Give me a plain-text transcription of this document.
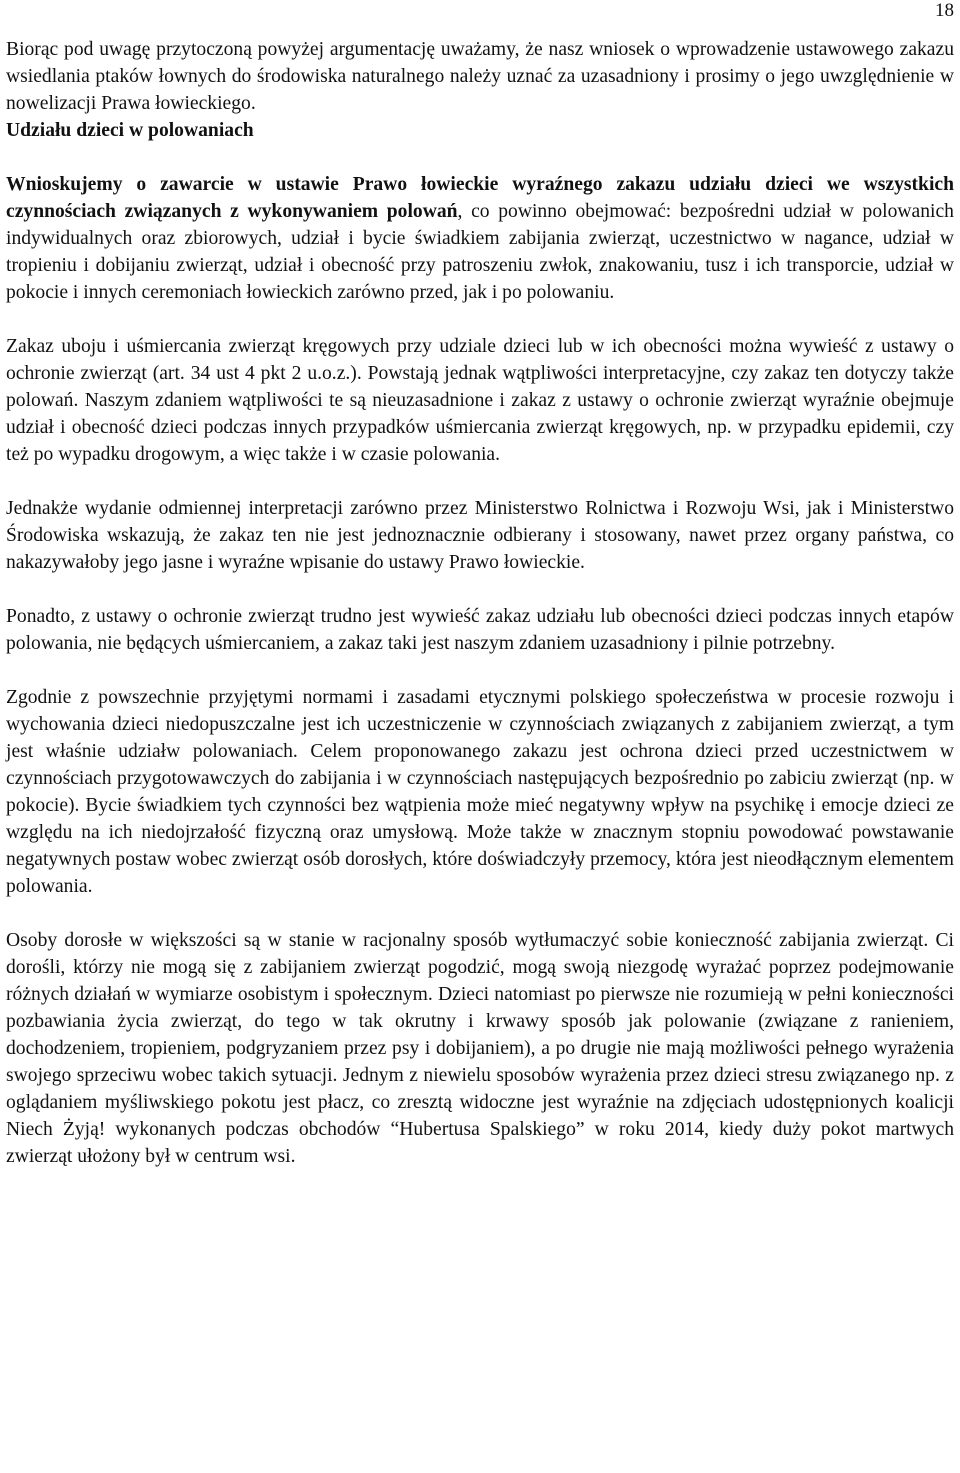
18

Biorąc pod uwagę przytoczoną powyżej argumentację uważamy, że nasz wniosek o wprowadzenie ustawowego zakazu wsiedlania ptaków łownych do środowiska naturalnego należy uznać za uzasadniony i prosimy o jego uwzględnienie w nowelizacji Prawa łowieckiego.

Udziału dzieci w polowaniach

Wnioskujemy o zawarcie w ustawie Prawo łowieckie wyraźnego zakazu udziału dzieci we wszystkich czynnościach związanych z wykonywaniem polowań, co powinno obejmować: bezpośredni udział w polowanich indywidualnych oraz zbiorowych, udział i bycie świadkiem zabijania zwierząt, uczestnictwo w nagance, udział w tropieniu i dobijaniu zwierząt, udział i obecność przy patroszeniu zwłok, znakowaniu, tusz i ich transporcie, udział w pokocie i innych ceremoniach łowieckich zarówno przed, jak i po polowaniu.

Zakaz uboju i uśmiercania zwierząt kręgowych przy udziale dzieci lub w ich obecności można wywieść z ustawy o ochronie zwierząt (art. 34 ust 4 pkt 2 u.o.z.). Powstają jednak wątpliwości interpretacyjne, czy zakaz ten dotyczy także polowań. Naszym zdaniem wątpliwości te są nieuzasadnione i zakaz z ustawy o ochronie zwierząt wyraźnie obejmuje udział i obecność dzieci podczas innych przypadków uśmiercania zwierząt kręgowych, np. w przypadku epidemii, czy też po wypadku drogowym, a więc także i w czasie polowania.

Jednakże wydanie odmiennej interpretacji zarówno przez Ministerstwo Rolnictwa i Rozwoju Wsi, jak i Ministerstwo Środowiska wskazują, że zakaz ten nie jest jednoznacznie odbierany i stosowany, nawet przez organy państwa, co nakazywałoby jego jasne i wyraźne wpisanie do ustawy Prawo łowieckie.

Ponadto, z ustawy o ochronie zwierząt trudno jest wywieść zakaz udziału lub obecności dzieci podczas innych etapów polowania, nie będących uśmiercaniem, a zakaz taki jest naszym zdaniem uzasadniony i pilnie potrzebny.

Zgodnie z powszechnie przyjętymi normami i zasadami etycznymi polskiego społeczeństwa w procesie rozwoju i wychowania dzieci niedopuszczalne jest ich uczestniczenie w czynnościach związanych z zabijaniem zwierząt, a tym jest właśnie udziałw polowaniach. Celem proponowanego zakazu jest ochrona dzieci przed uczestnictwem w czynnościach przygotowawczych do zabijania i w czynnościach następujących bezpośrednio po zabiciu zwierząt (np. w pokocie). Bycie świadkiem tych czynności bez wątpienia może mieć negatywny wpływ na psychikę i emocje dzieci ze względu na ich niedojrzałość fizyczną oraz umysłową. Może także w znacznym stopniu powodować powstawanie negatywnych postaw wobec zwierząt osób dorosłych, które doświadczyły przemocy, która jest nieodłącznym elementem polowania.

Osoby dorosłe w większości są w stanie w racjonalny sposób wytłumaczyć sobie konieczność zabijania zwierząt. Ci dorośli, którzy nie mogą się z zabijaniem zwierząt pogodzić, mogą swoją niezgodę wyrażać poprzez podejmowanie różnych działań w wymiarze osobistym i społecznym. Dzieci natomiast po pierwsze nie rozumieją w pełni konieczności pozbawiania życia zwierząt, do tego w tak okrutny i krwawy sposób jak polowanie (związane z ranieniem, dochodzeniem, tropieniem, podgryzaniem przez psy i dobijaniem), a po drugie nie mają możliwości pełnego wyrażenia swojego sprzeciwu wobec takich sytuacji. Jednym z niewielu sposobów wyrażenia przez dzieci stresu związanego np. z oglądaniem myśliwskiego pokotu jest płacz, co zresztą widoczne jest wyraźnie na zdjęciach udostępnionych koalicji Niech Żyją! wykonanych podczas obchodów “Hubertusa Spalskiego” w roku 2014, kiedy duży pokot martwych zwierząt ułożony był w centrum wsi.
